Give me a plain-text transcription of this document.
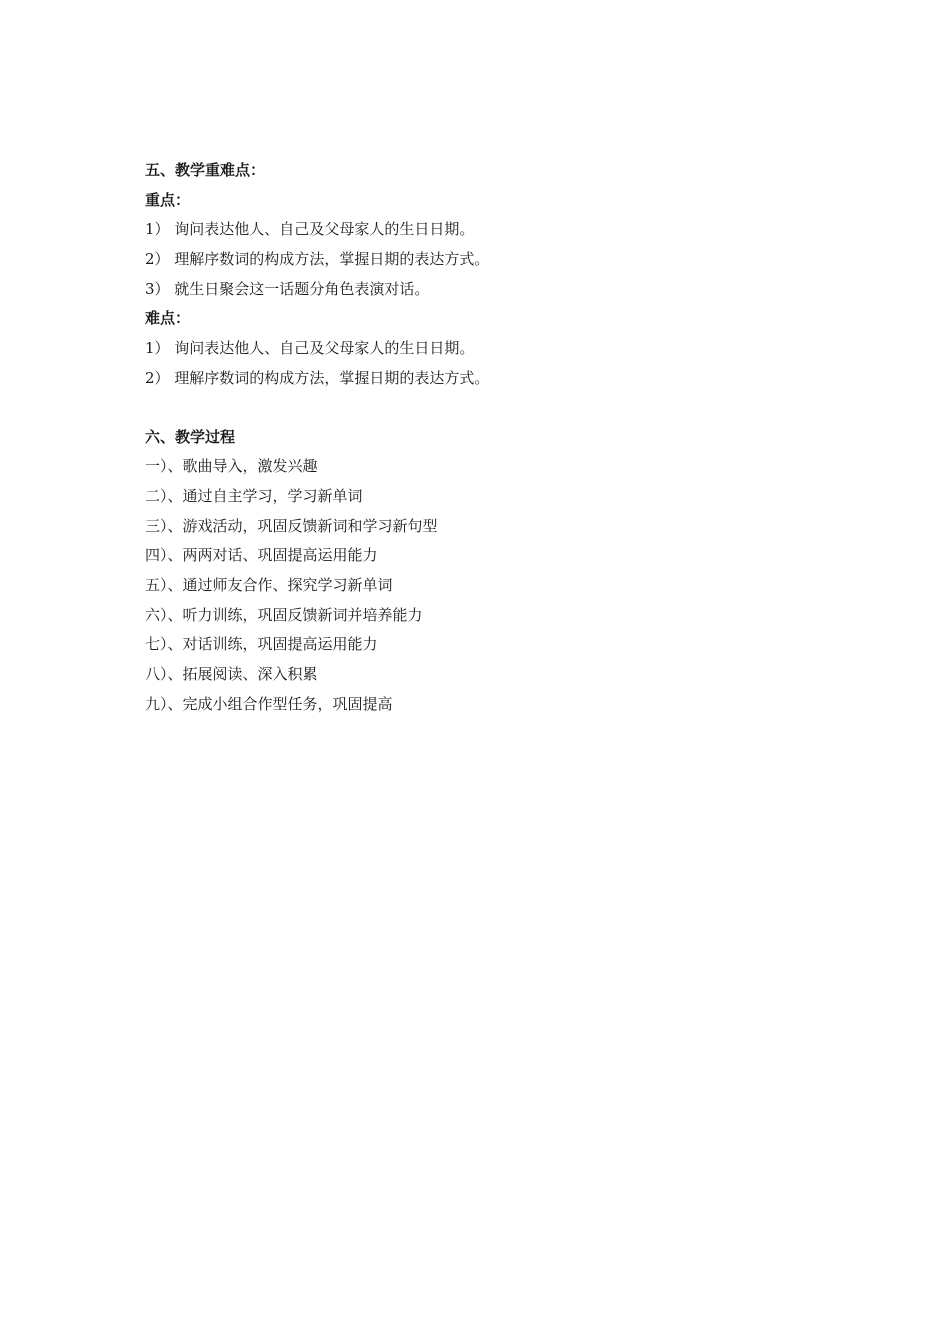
五、教学重难点：
重点：
1） 询问表达他人、自己及父母家人的生日日期。
2） 理解序数词的构成方法，掌握日期的表达方式。
3） 就生日聚会这一话题分角色表演对话。
难点：
1） 询问表达他人、自己及父母家人的生日日期。
2） 理解序数词的构成方法，掌握日期的表达方式。
六、教学过程
一）、歌曲导入，激发兴趣
二）、通过自主学习，学习新单词
三）、游戏活动，巩固反馈新词和学习新句型
四）、两两对话、巩固提高运用能力
五）、通过师友合作、探究学习新单词
六）、听力训练，巩固反馈新词并培养能力
七）、对话训练，巩固提高运用能力
八）、拓展阅读、深入积累
九）、完成小组合作型任务，巩固提高
